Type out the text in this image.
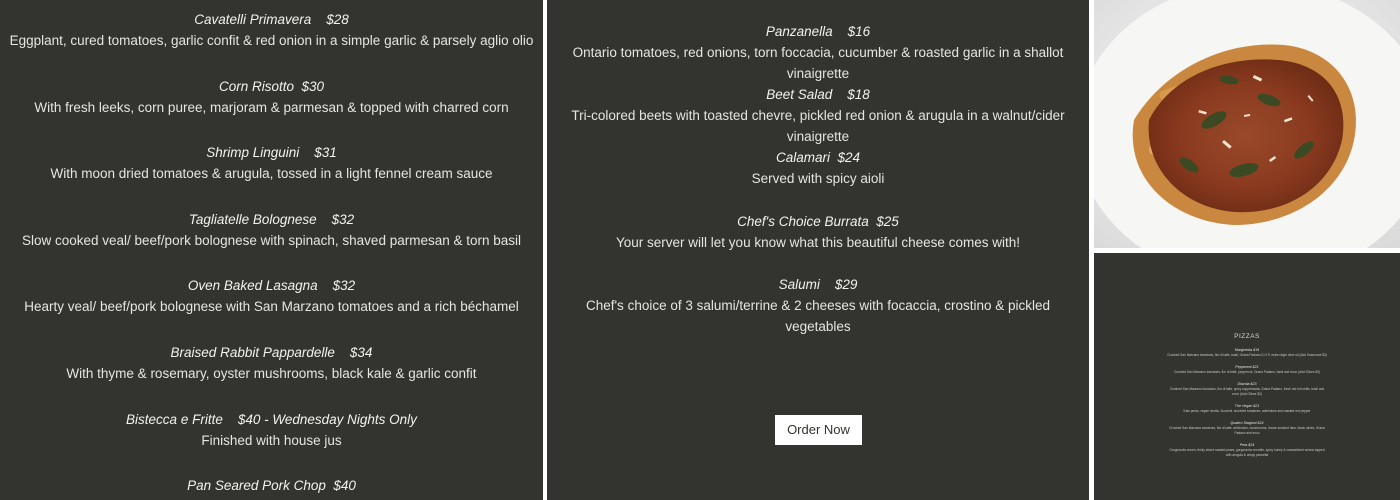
Cavatelli Primavera    $28
Eggplant, cured tomatoes, garlic confit & red onion in a simple garlic & parsely aglio olio
Corn Risotto  $30
With fresh leeks, corn puree, marjoram & parmesan & topped with charred corn
Shrimp Linguini    $31
With moon dried tomatoes & arugula, tossed in a light fennel cream sauce
Tagliatelle Bolognese    $32
Slow cooked veal/ beef/pork bolognese with spinach, shaved parmesan & torn basil
Oven Baked Lasagna    $32
Hearty veal/ beef/pork bolognese with San Marzano tomatoes and a rich béchamel
Braised Rabbit Pappardelle    $34
With thyme & rosemary, oyster mushrooms, black kale & garlic confit
Bistecca e Fritte    $40 - Wednesday Nights Only
Finished with house jus
Pan Seared Pork Chop  $40
Panzanella    $16
Ontario tomatoes, red onions, torn foccacia, cucumber & roasted garlic in a shallot vinaigrette
Beet Salad    $18
Tri-colored beets with toasted chevre, pickled red onion & arugula in a walnut/cider vinaigrette
Calamari  $24
Served with spicy aioli
Chef's Choice Burrata  $25
Your server will let you know what this beautiful cheese comes with!
Salumi    $29
Chef's choice of 3 salumi/terrine & 2 cheeses with focaccia, crostino & pickled vegetables
Order Now
PIZZAS
Margherita $19
Crushed San Marzano tomatoes, fior di latte, basil, Grana Padano D.O.P, extra virgin olive oil (Add Scamorza $3)
Pepperoni $21
Crushed San Marzano tomatoes, fior di latte, pepperoni, Grana Padano, basil and evoo (Add Olives $3)
Diavola $23
Crushed San Marzano tomatoes, fior di latte, spicy soppressata, Grana Padano, fresh red hot chilis, basil and evoo (Add Olives $3)
The Vegan $21
Kale pesto, vegan ricotta, Zucchini, sundried tomatoes, artichokes and roasted red pepper
Quattro Stagioni $24
Crushed San Marzano tomatoes, fior di latte, artichokes, mushrooms, house smoked ham, black olives, Grana Padano and evoo
Pera $24
Gorgonzola cream, thinly sliced roasted pears, gorgonzola crumble, spicy honey & caramelized onions topped with arugula & crispy pancetta
